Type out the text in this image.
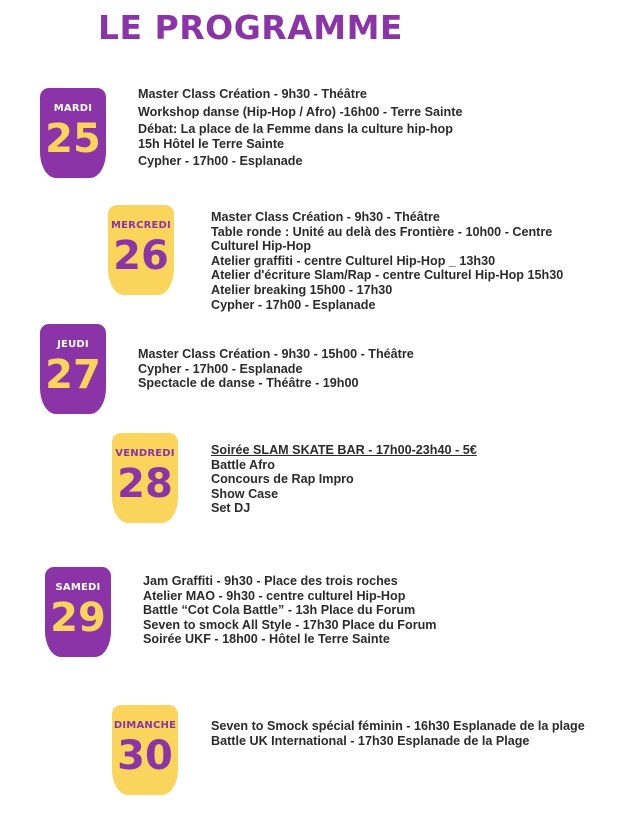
LE PROGRAMME
MARDI
25
Master Class Création - 9h30 - Théâtre
Workshop danse (Hip-Hop / Afro) -16h00 - Terre Sainte
Débat: La place de la Femme dans la culture hip-hop
15h Hôtel le Terre Sainte
Cypher - 17h00 - Esplanade
MERCREDI
26
Master Class Création - 9h30 - Théâtre
Table ronde : Unité au delà des Frontière - 10h00 - Centre
Culturel Hip-Hop
Atelier graffiti - centre Culturel Hip-Hop _ 13h30
Atelier d'écriture Slam/Rap - centre Culturel Hip-Hop 15h30
Atelier breaking 15h00 - 17h30
Cypher - 17h00 - Esplanade
JEUDI
27	Master Class Création - 9h30 - 15h00 - Théâtre
Cypher - 17h00 - Esplanade
Spectacle de danse - Théâtre - 19h00
VENDREDI
28
Soirée SLAM SKATE BAR - 17h00-23h40 - 5€
Battle Afro
Concours de Rap Impro
Show Case
Set DJ
SAMEDI
29
Jam Graffiti - 9h30 - Place des trois roches
Atelier MAO - 9h30 - centre culturel Hip-Hop
Battle “Cot Cola Battle” - 13h Place du Forum
Seven to smock All Style - 17h30 Place du Forum
Soirée UKF - 18h00 - Hôtel le Terre Sainte
DIMANCHE
30
Seven to Smock spécial féminin - 16h30 Esplanade de la plage
Battle UK International - 17h30 Esplanade de la Plage
